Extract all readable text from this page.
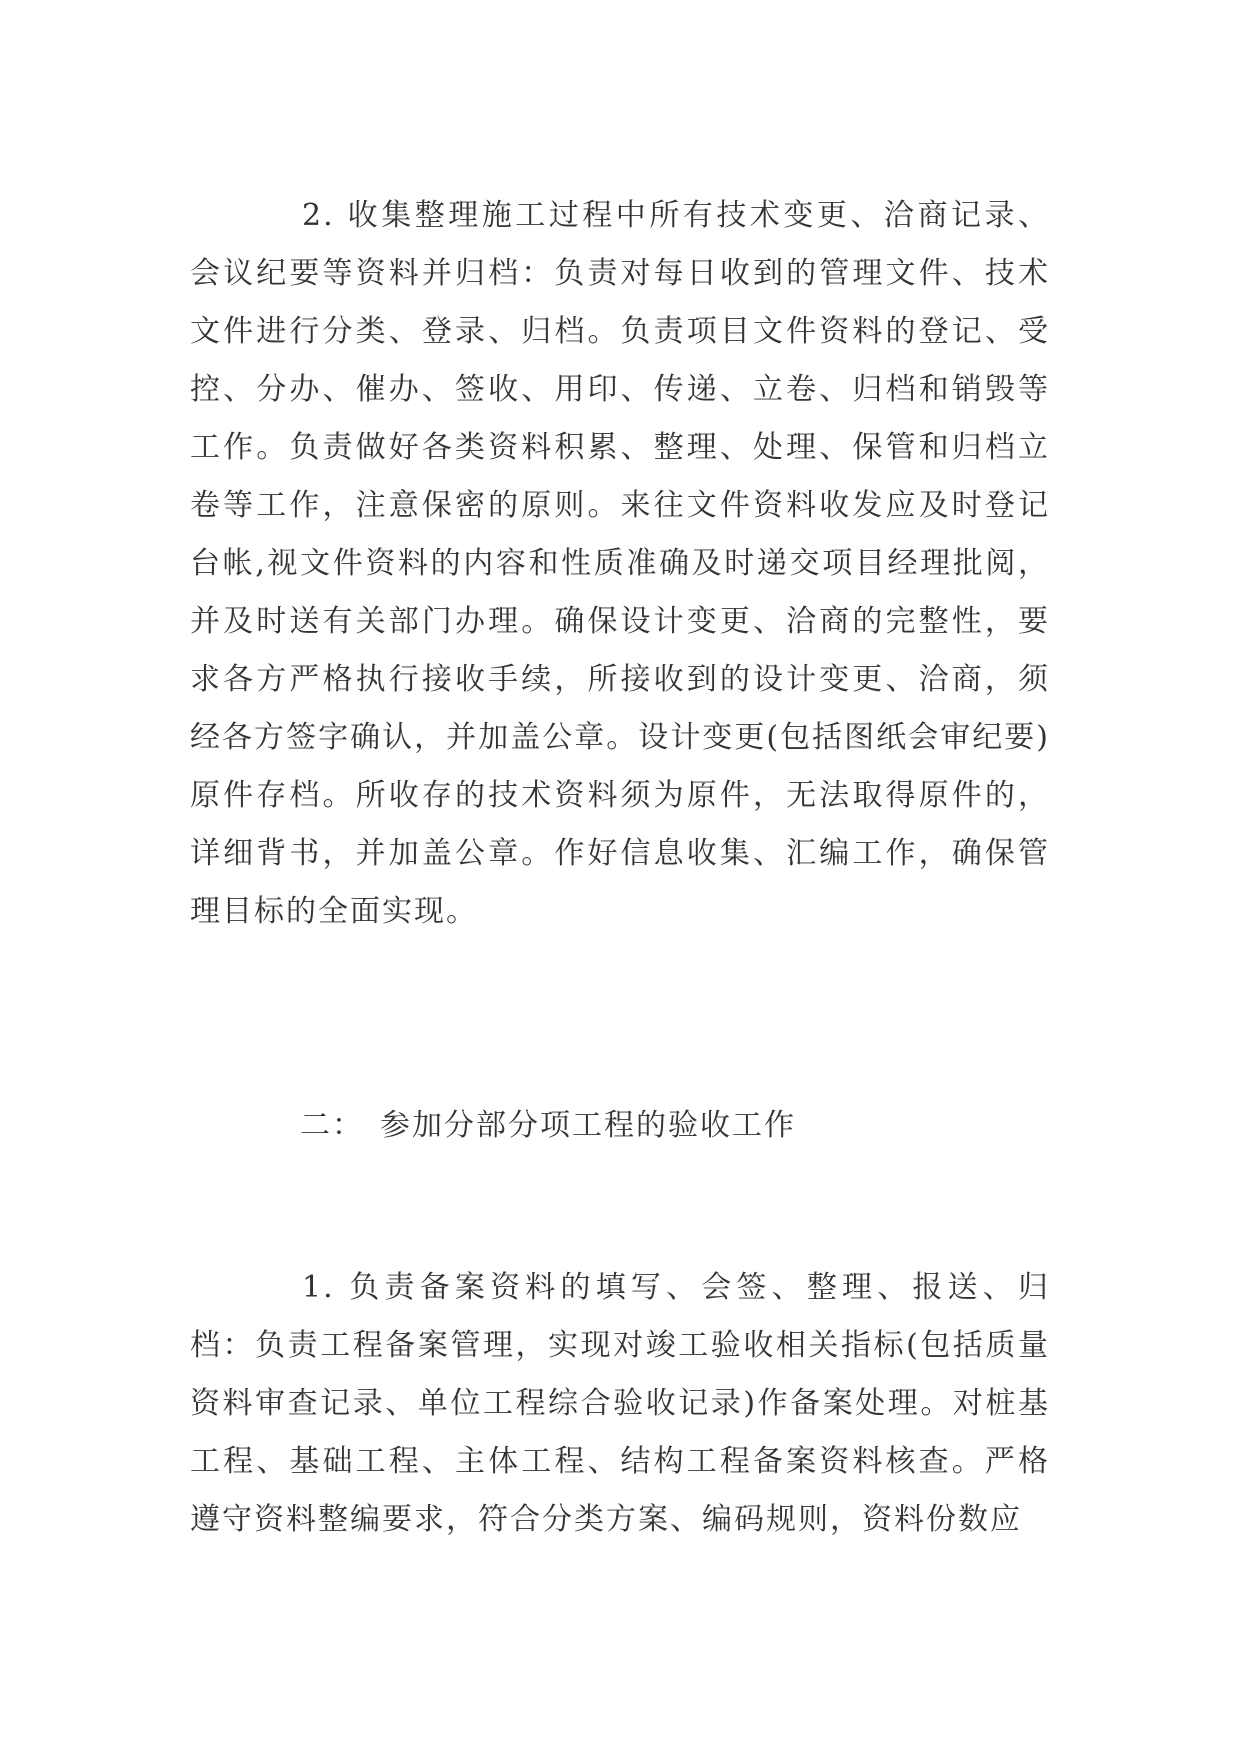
2. 收集整理施工过程中所有技术变更、洽商记录、会议纪要等资料并归档：负责对每日收到的管理文件、技术文件进行分类、登录、归档。负责项目文件资料的登记、受控、分办、催办、签收、用印、传递、立卷、归档和销毁等工作。负责做好各类资料积累、整理、处理、保管和归档立卷等工作，注意保密的原则。来往文件资料收发应及时登记台帐,视文件资料的内容和性质准确及时递交项目经理批阅，并及时送有关部门办理。确保设计变更、洽商的完整性，要求各方严格执行接收手续，所接收到的设计变更、洽商，须经各方签字确认，并加盖公章。设计变更(包括图纸会审纪要)原件存档。所收存的技术资料须为原件，无法取得原件的，详细背书，并加盖公章。作好信息收集、汇编工作，确保管理目标的全面实现。

二： 参加分部分项工程的验收工作

1. 负责备案资料的填写、会签、整理、报送、归档：负责工程备案管理，实现对竣工验收相关指标(包括质量资料审查记录、单位工程综合验收记录)作备案处理。对桩基工程、基础工程、主体工程、结构工程备案资料核查。严格遵守资料整编要求，符合分类方案、编码规则，资料份数应
